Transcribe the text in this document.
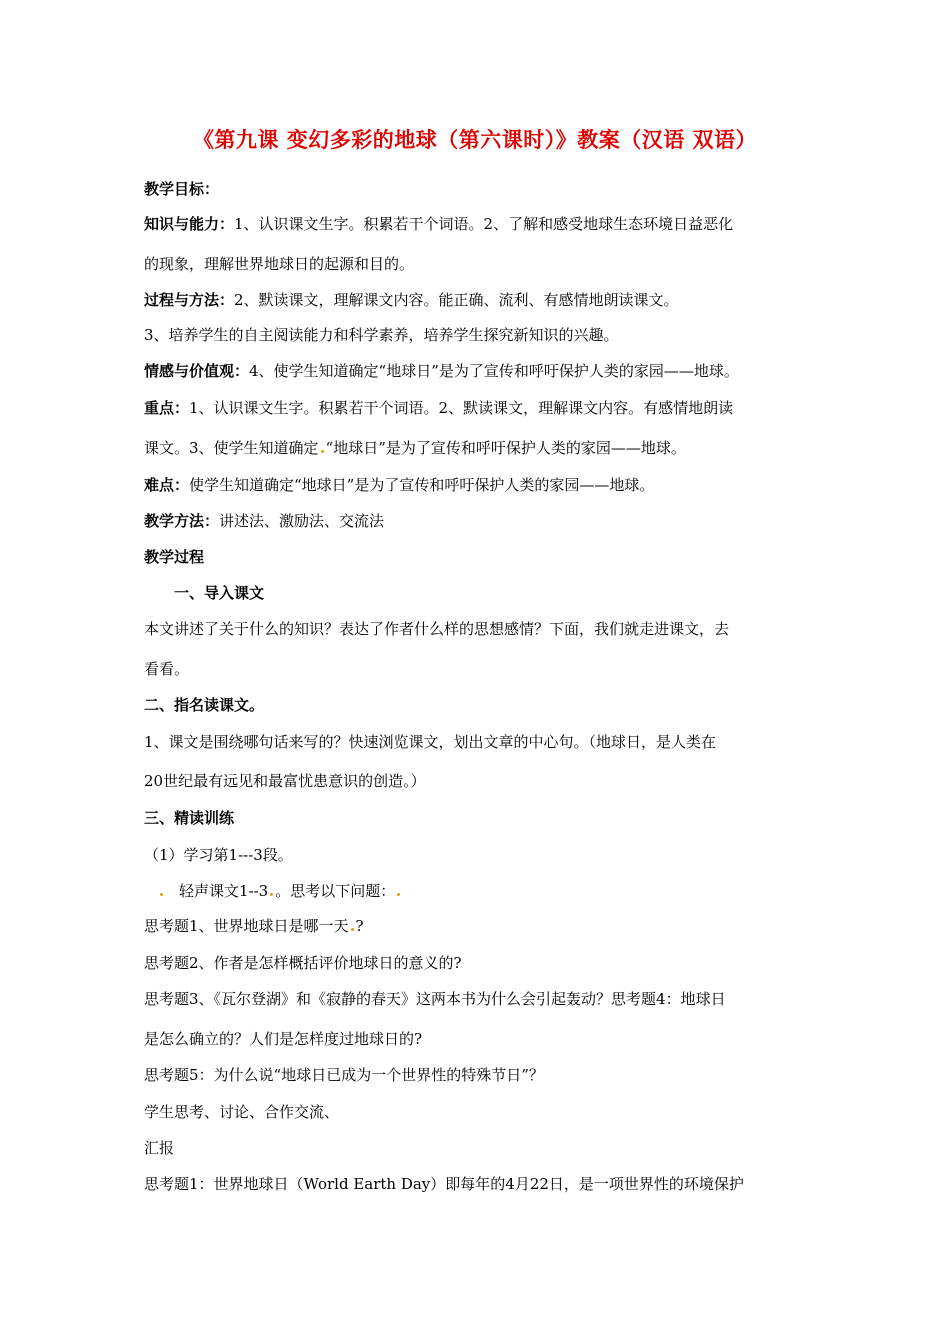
《第九课 变幻多彩的地球（第六课时）》教案（汉语 双语）
教学目标：
知识与能力：1、认识课文生字。积累若干个词语。2、了解和感受地球生态环境日益恶化
的现象，理解世界地球日的起源和目的。
过程与方法：2、默读课文，理解课文内容。能正确、流利、有感情地朗读课文。
3、培养学生的自主阅读能力和科学素养，培养学生探究新知识的兴趣。
情感与价值观：4、使学生知道确定“地球日”是为了宣传和呼吁保护人类的家园——地球。
重点：1、认识课文生字。积累若干个词语。2、默读课文，理解课文内容。有感情地朗读
课文。3、使学生知道确定 “地球日”是为了宣传和呼吁保护人类的家园——地球。
难点：使学生知道确定“地球日”是为了宣传和呼吁保护人类的家园——地球。
教学方法：讲述法、激励法、交流法
教学过程
一、导入课文
本文讲述了关于什么的知识？表达了作者什么样的思想感情？下面，我们就走进课文，去
看看。
二、指名读课文。
1、课文是围绕哪句话来写的？快速浏览课文，划出文章的中心句。（地球日，是人类在
20世纪最有远见和最富忧患意识的创造。）
三、精读训练
（1）学习第1---3段。
轻声课文1--3 。思考以下问题：
思考题1、世界地球日是哪一天 ?
思考题2、作者是怎样概括评价地球日的意义的?
思考题3、《瓦尔登湖》和《寂静的春天》这两本书为什么会引起轰动？思考题4：地球日
是怎么确立的？人们是怎样度过地球日的?
思考题5：为什么说“地球日已成为一个世界性的特殊节日”？
学生思考、讨论、合作交流、
汇报
思考题1：世界地球日（World Earth Day）即每年的4月22日，是一项世界性的环境保护
